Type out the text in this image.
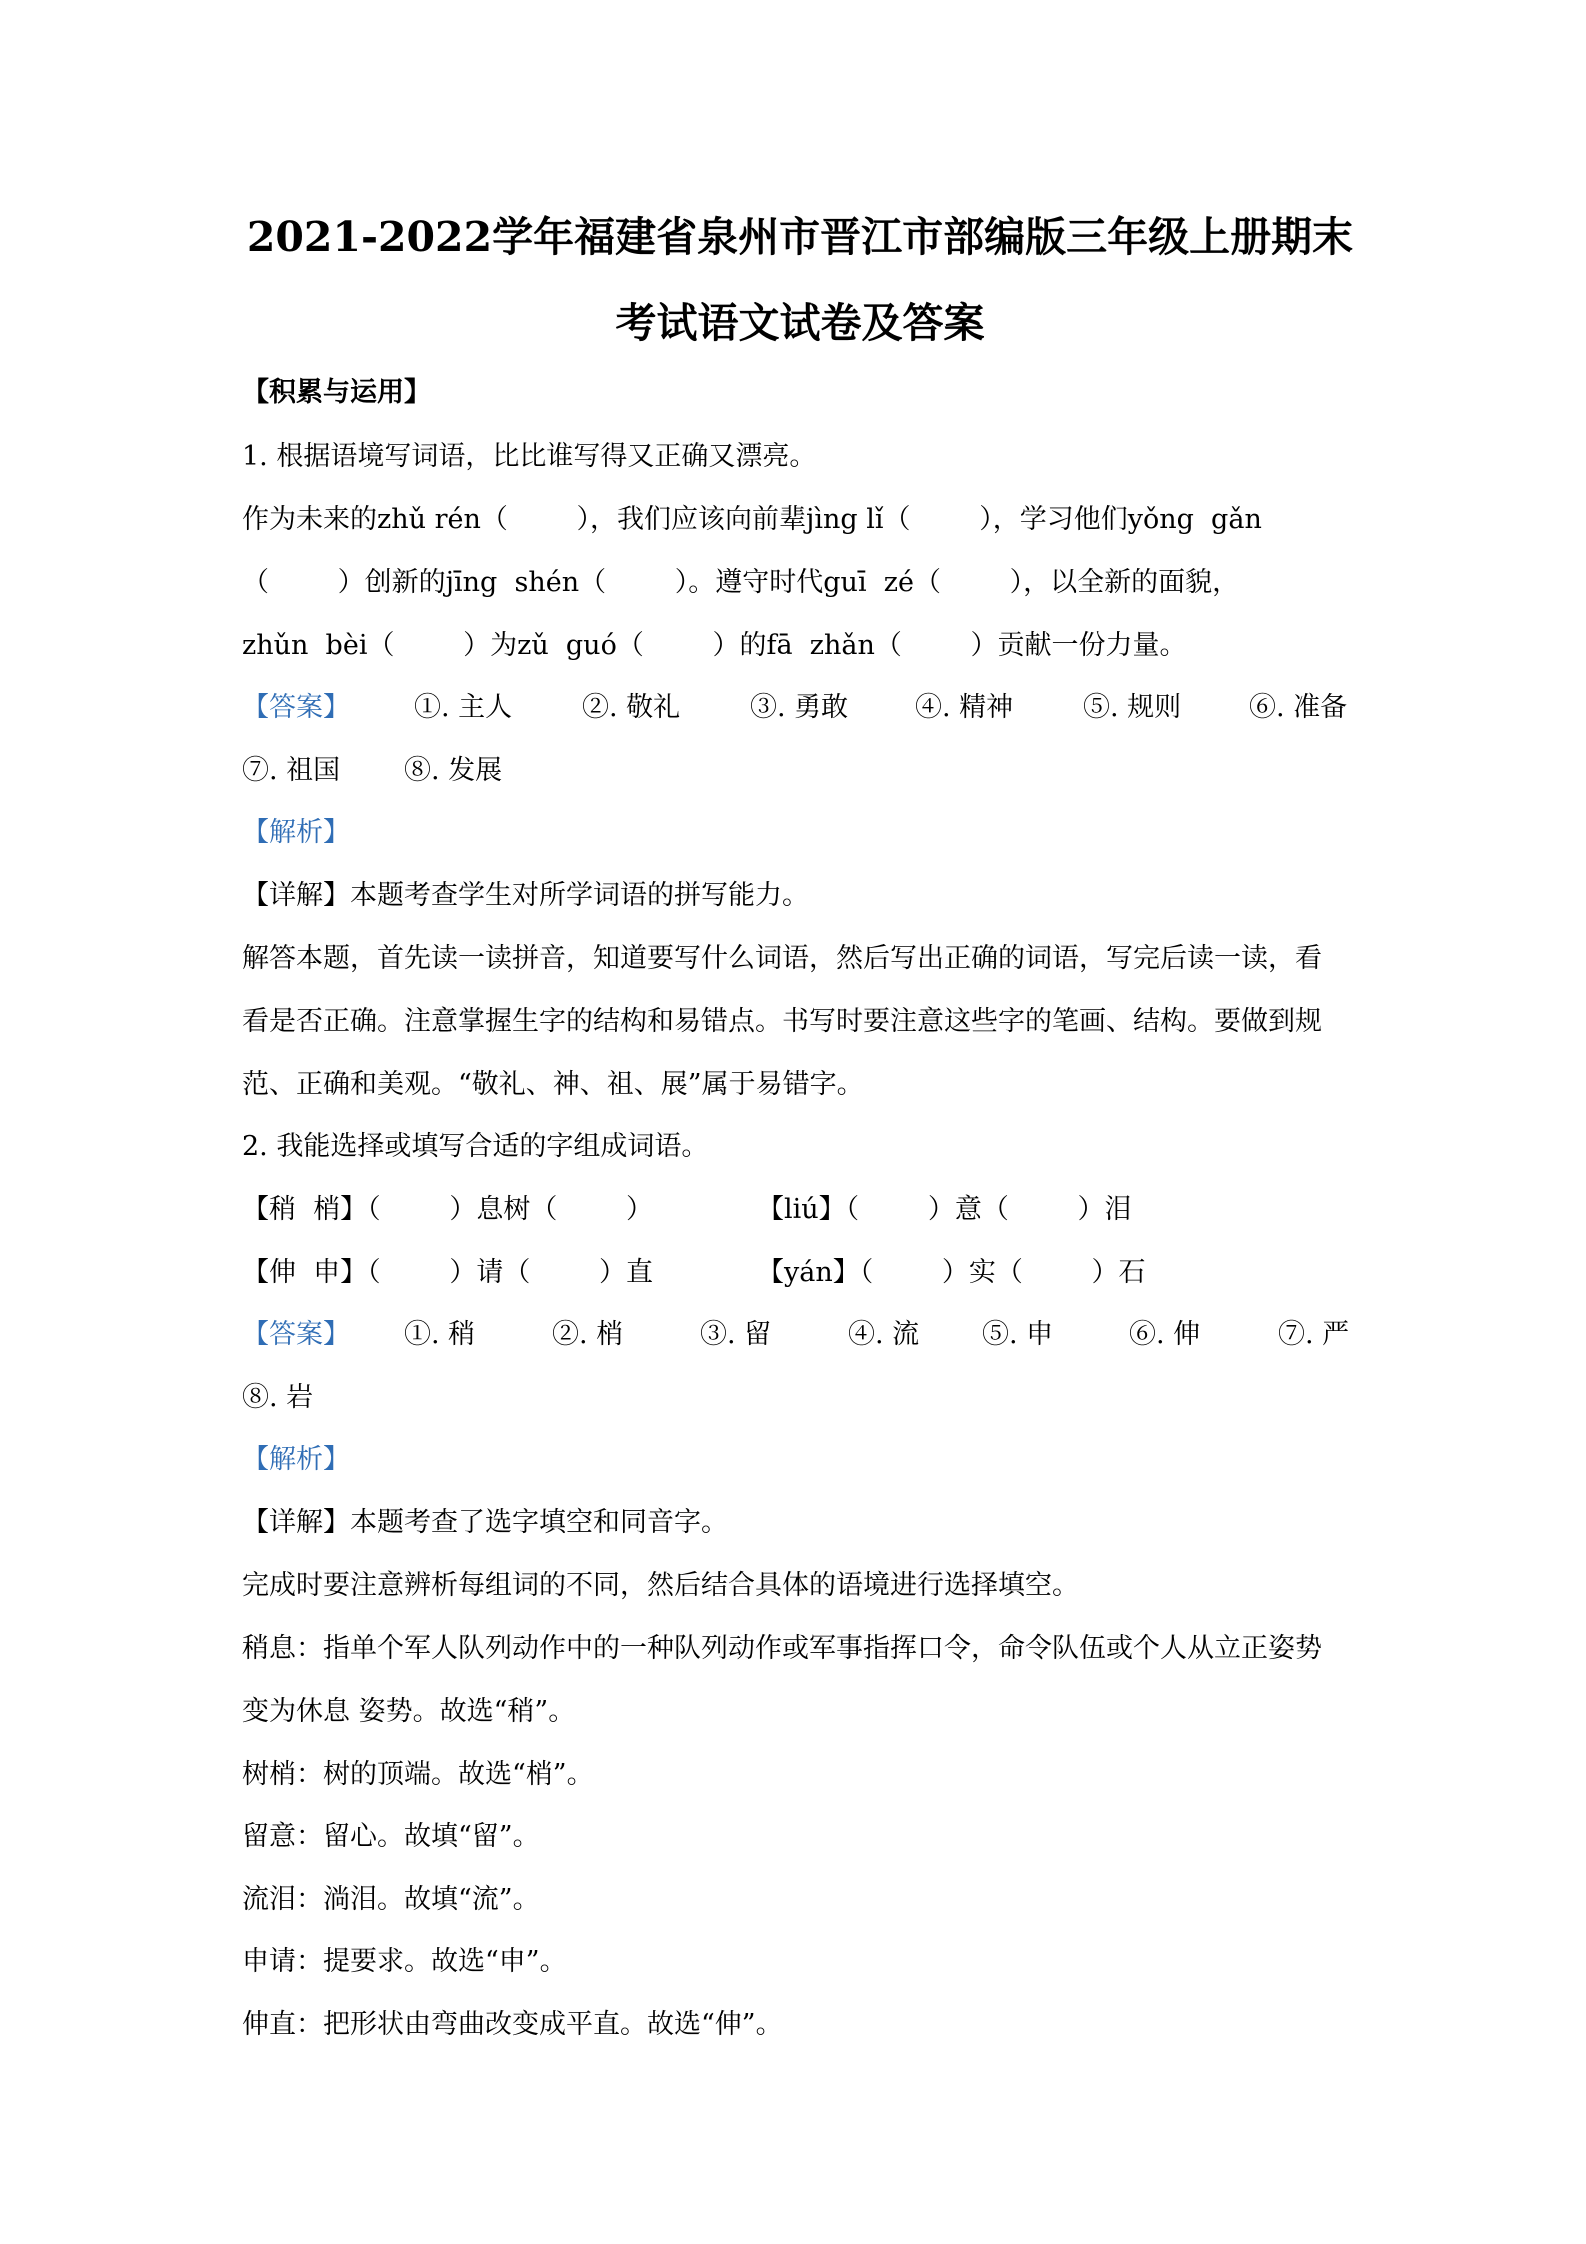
2021-2022学年福建省泉州市晋江市部编版三年级上册期末
考试语文试卷及答案
【积累与运用】
1. 根据语境写词语，比比谁写得又正确又漂亮。
作为未来的zhǔ rén（        ），我们应该向前辈jìng lǐ（        ），学习他们yǒng  gǎn
（        ）创新的jīng  shén（        ）。遵守时代guī  zé（        ），以全新的面貌，
zhǔn  bèi（        ）为zǔ  guó（        ）的fā  zhǎn（        ）贡献一份力量。
【答案】 ①. 主人	②. 敬礼	③. 勇敢 ④. 精神	⑤. 规则	⑥. 准备
⑦. 祖国 ⑧. 发展
【解析】
【详解】本题考查学生对所学词语的拼写能力。
解答本题，首先读一读拼音，知道要写什么词语，然后写出正确的词语，写完后读一读，看
看是否正确。注意掌握生字的结构和易错点。书写时要注意这些字的笔画、结构。要做到规
范、正确和美观。“敬礼、神、祖、展”属于易错字。
2. 我能选择或填写合适的字组成词语。
【稍  梢】（        ）息树（        ）	【liú】（        ）意（        ）泪
【伸  申】（        ）请（        ）直	【yán】（        ）实（        ）石
【答案】 ①. 稍	②. 梢	③. 留	④. 流 ⑤. 申	⑥. 伸	⑦. 严
⑧. 岩
【解析】
【详解】本题考查了选字填空和同音字。
完成时要注意辨析每组词的不同，然后结合具体的语境进行选择填空。
稍息：指单个军人队列动作中的一种队列动作或军事指挥口令，命令队伍或个人从立正姿势
变为休息 姿势。故选“稍”。
树梢：树的顶端。故选“梢”。
留意：留心。故填“留”。
流泪：淌泪。故填“流”。
申请：提要求。故选“申”。
伸直：把形状由弯曲改变成平直。故选“伸”。
